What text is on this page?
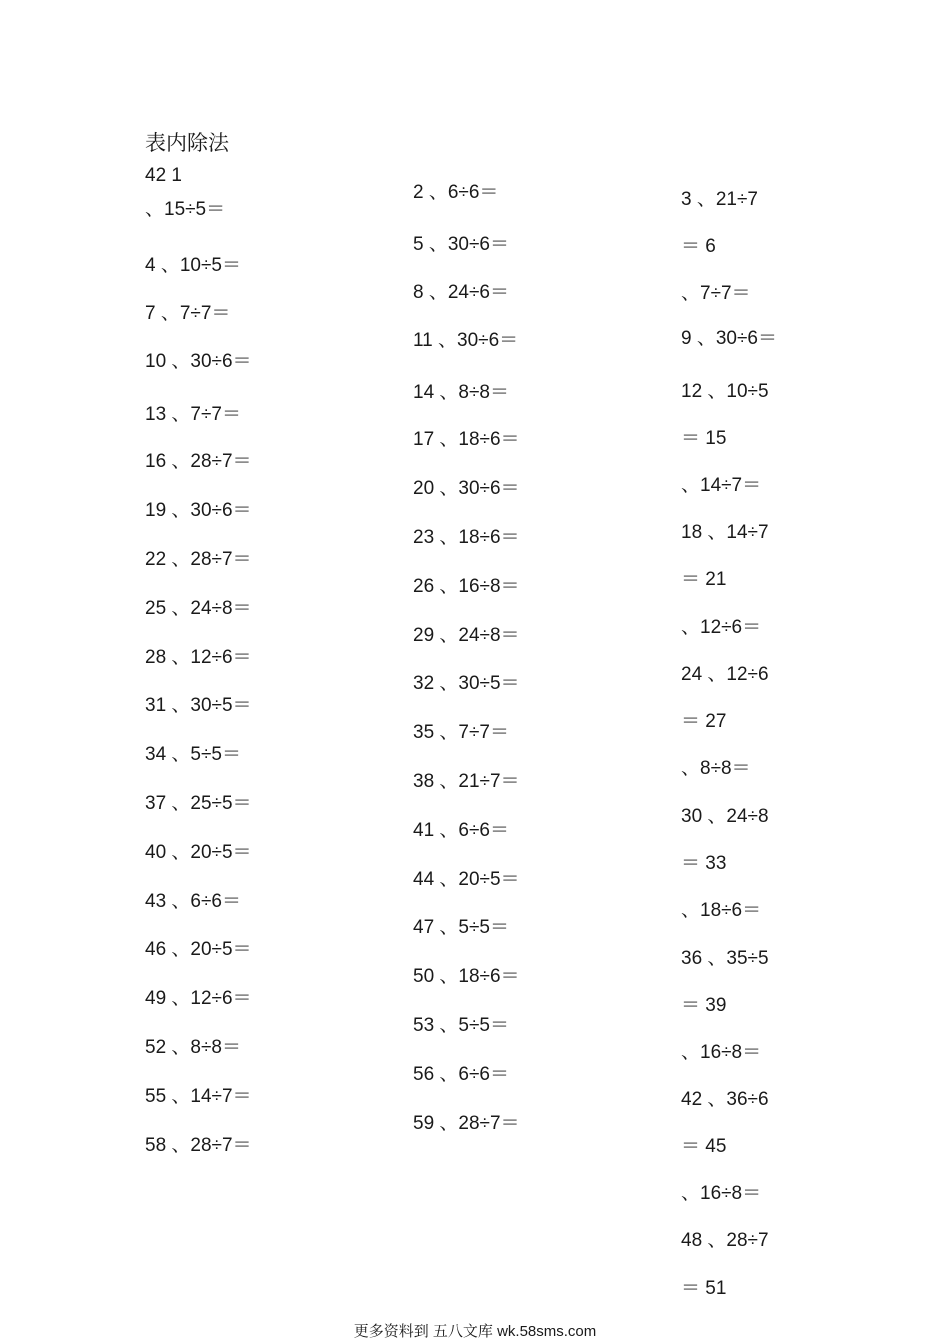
表内除法
42 1
、15÷5＝
4 、10÷5＝
7 、7÷7＝
10 、30÷6＝
13 、7÷7＝
16 、28÷7＝
19 、30÷6＝
22 、28÷7＝
25 、24÷8＝
28 、12÷6＝
31 、30÷5＝
34 、5÷5＝
37 、25÷5＝
40 、20÷5＝
43 、6÷6＝
46 、20÷5＝
49 、12÷6＝
52 、8÷8＝
55 、14÷7＝
58 、28÷7＝
2 、6÷6＝
5 、30÷6＝
8 、24÷6＝
11 、30÷6＝
14 、8÷8＝
17 、18÷6＝
20 、30÷6＝
23 、18÷6＝
26 、16÷8＝
29 、24÷8＝
32 、30÷5＝
35 、7÷7＝
38 、21÷7＝
41 、6÷6＝
44 、20÷5＝
47 、5÷5＝
50 、18÷6＝
53 、5÷5＝
56 、6÷6＝
59 、28÷7＝
3 、21÷7
＝ 6
、7÷7＝
9 、30÷6＝
12 、10÷5
＝ 15
、14÷7＝
18 、14÷7
＝ 21
、12÷6＝
24 、12÷6
＝ 27
、8÷8＝
30 、24÷8
＝ 33
、18÷6＝
36 、35÷5
＝ 39
、16÷8＝
42 、36÷6
＝ 45
、16÷8＝
48 、28÷7
＝ 51
更多资料到 五八文库 wk.58sms.com
